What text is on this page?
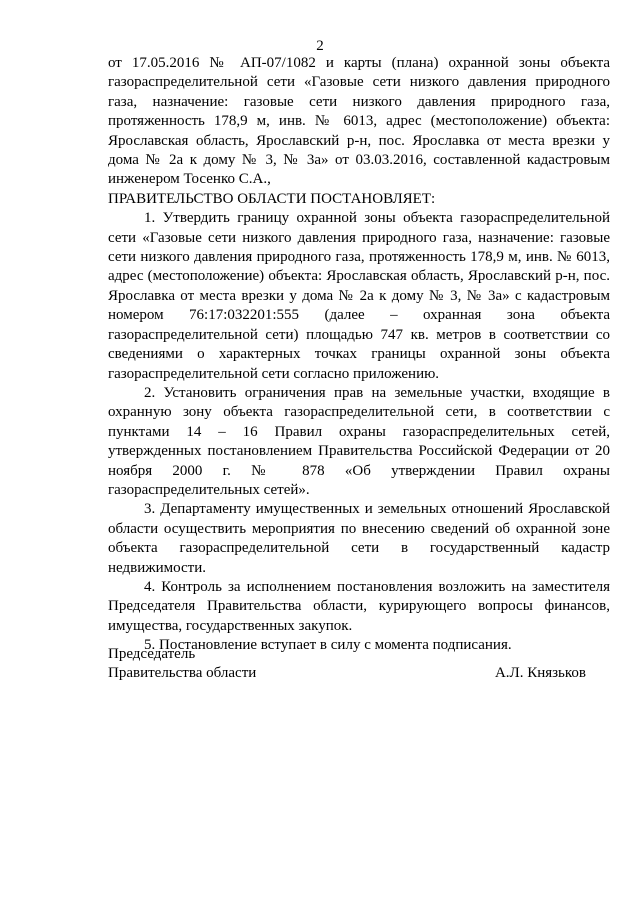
2

от 17.05.2016 № АП-07/1082 и карты (плана) охранной зоны объекта газораспределительной сети «Газовые сети низкого давления природного газа, назначение: газовые сети низкого давления природного газа, протяженность 178,9 м, инв. № 6013, адрес (местоположение) объекта: Ярославская область, Ярославский р-н, пос. Ярославка от места врезки у дома № 2а к дому № 3, № 3а» от 03.03.2016, составленной кадастровым инженером Тосенко С.А.,

ПРАВИТЕЛЬСТВО ОБЛАСТИ ПОСТАНОВЛЯЕТ:

1. Утвердить границу охранной зоны объекта газораспределительной сети «Газовые сети низкого давления природного газа, назначение: газовые сети низкого давления природного газа, протяженность 178,9 м, инв. № 6013, адрес (местоположение) объекта: Ярославская область, Ярославский р-н, пос. Ярославка от места врезки у дома № 2а к дому № 3, № 3а» с кадастровым номером 76:17:032201:555 (далее – охранная зона объекта газораспределительной сети) площадью 747 кв. метров в соответствии со сведениями о характерных точках границы охранной зоны объекта газораспределительной сети согласно приложению.

2. Установить ограничения прав на земельные участки, входящие в охранную зону объекта газораспределительной сети, в соответствии с пунктами 14 – 16 Правил охраны газораспределительных сетей, утвержденных постановлением Правительства Российской Федерации от 20 ноября 2000 г. № 878 «Об утверждении Правил охраны газораспределительных сетей».

3. Департаменту имущественных и земельных отношений Ярославской области осуществить мероприятия по внесению сведений об охранной зоне объекта газораспределительной сети в государственный кадастр недвижимости.

4. Контроль за исполнением постановления возложить на заместителя Председателя Правительства области, курирующего вопросы финансов, имущества, государственных закупок.

5. Постановление вступает в силу с момента подписания.

Председатель
Правительства области	А.Л. Князьков
